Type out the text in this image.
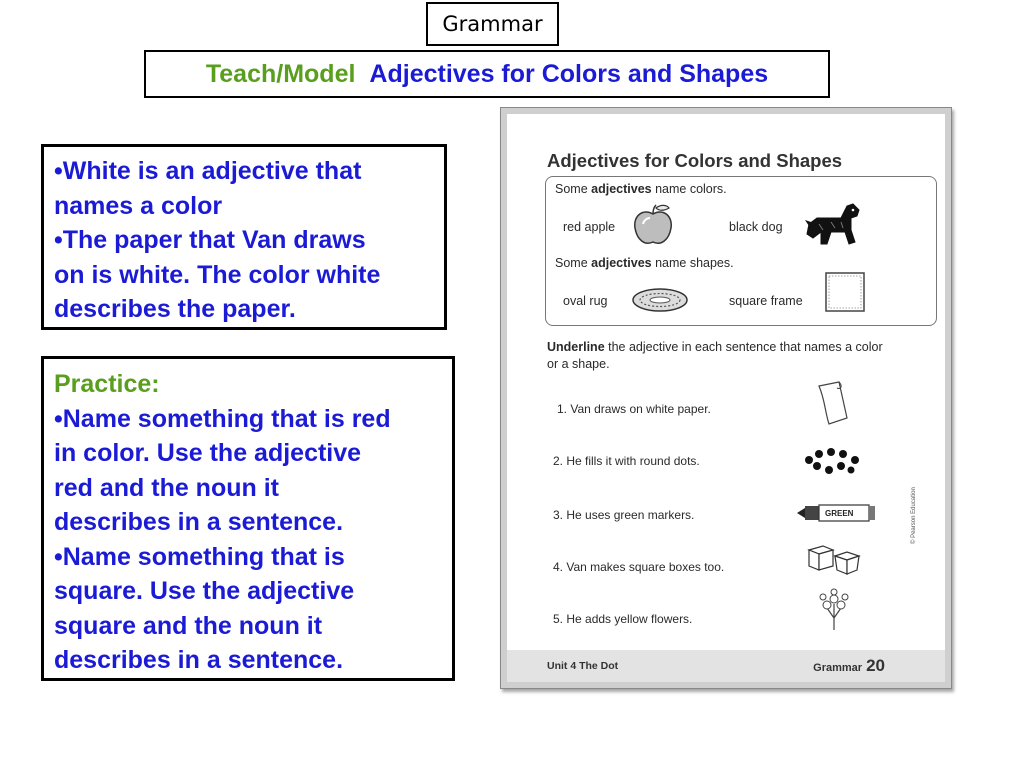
Grammar
Teach/Model Adjectives for Colors and Shapes
•White is an adjective that
names a color
•The paper that Van draws
on is white. The color white
describes the paper.
Practice:
•Name something that is red
in color. Use the adjective
red and the noun it
describes in a sentence.
•Name something that is
square. Use the adjective
square and the noun it
describes in a sentence.
Adjectives for Colors and Shapes
Some adjectives name colors.
red apple	black dog
Some adjectives name shapes.
oval rug	square frame
Underline the adjective in each sentence that names a color
or a shape.
1. Van draws on white paper.
2. He fills it with round dots.
3. He uses green markers.	GREEN
4. Van makes square boxes too.
5. He adds yellow flowers.
© Pearson Education
Unit 4 The Dot	Grammar 20
